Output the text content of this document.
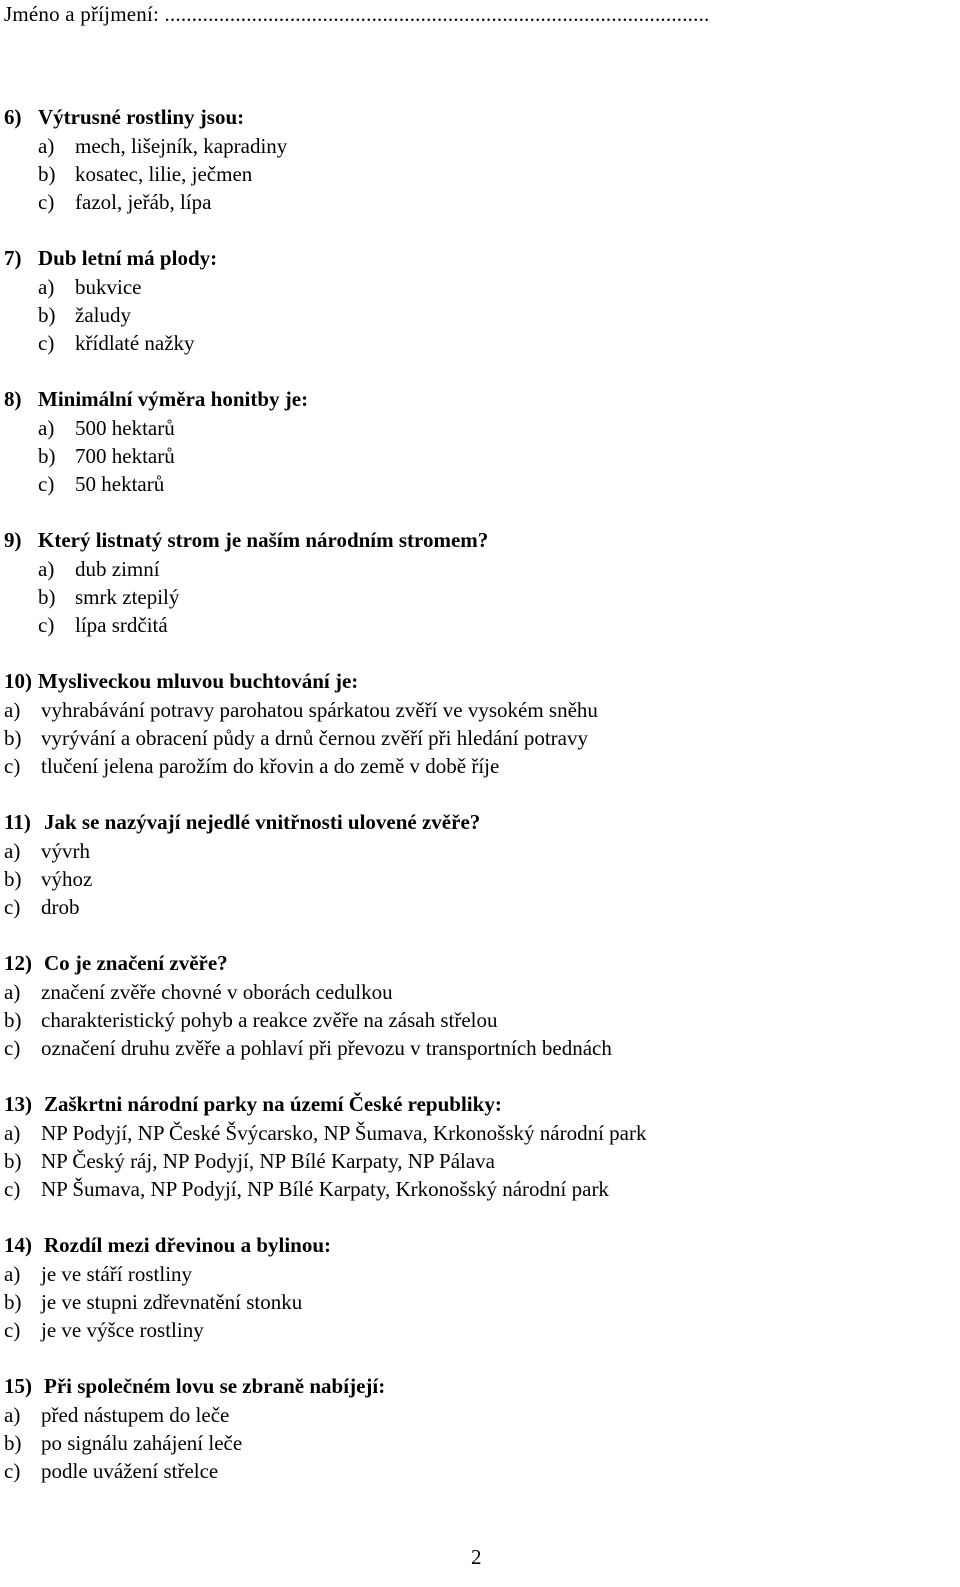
Jméno a příjmení: ....................................................................................................
6) Výtrusné rostliny jsou:
a) mech, lišejník, kapradiny
b) kosatec, lilie, ječmen
c) fazol, jeřáb, lípa
7) Dub letní má plody:
a) bukvice
b) žaludy
c) křídlaté nažky
8) Minimální výměra honitby je:
a) 500 hektarů
b) 700 hektarů
c) 50 hektarů
9) Který listnatý strom je naším národním stromem?
a) dub zimní
b) smrk ztepilý
c) lípa srdčitá
10) Mysliveckou mluvou buchtování je:
a) vyhrabávání potravy parohatou spárkatou zvěří ve vysokém sněhu
b) vyrývání a obracení půdy a drnů černou zvěří při hledání potravy
c) tlučení jelena parožím do křovin a do země v době říje
11) Jak se nazývají nejedlé vnitřnosti ulovené zvěře?
a) vývrh
b) výhoz
c) drob
12) Co je značení zvěře?
a) značení zvěře chovné v oborách cedulkou
b) charakteristický pohyb a reakce zvěře na zásah střelou
c) označení druhu zvěře a pohlaví při převozu v transportních bednách
13) Zaškrtni národní parky na území České republiky:
a) NP Podyjí, NP České Švýcarsko, NP Šumava, Krkonošský národní park
b) NP Český ráj, NP Podyjí, NP Bílé Karpaty, NP Pálava
c) NP Šumava, NP Podyjí, NP Bílé Karpaty, Krkonošský národní park
14) Rozdíl mezi dřevinou a bylinou:
a) je ve stáří rostliny
b) je ve stupni zdřevnatění stonku
c) je ve výšce rostliny
15) Při společném lovu se zbraně nabíjejí:
a) před nástupem do leče
b) po signálu zahájení leče
c) podle uvážení střelce
2
